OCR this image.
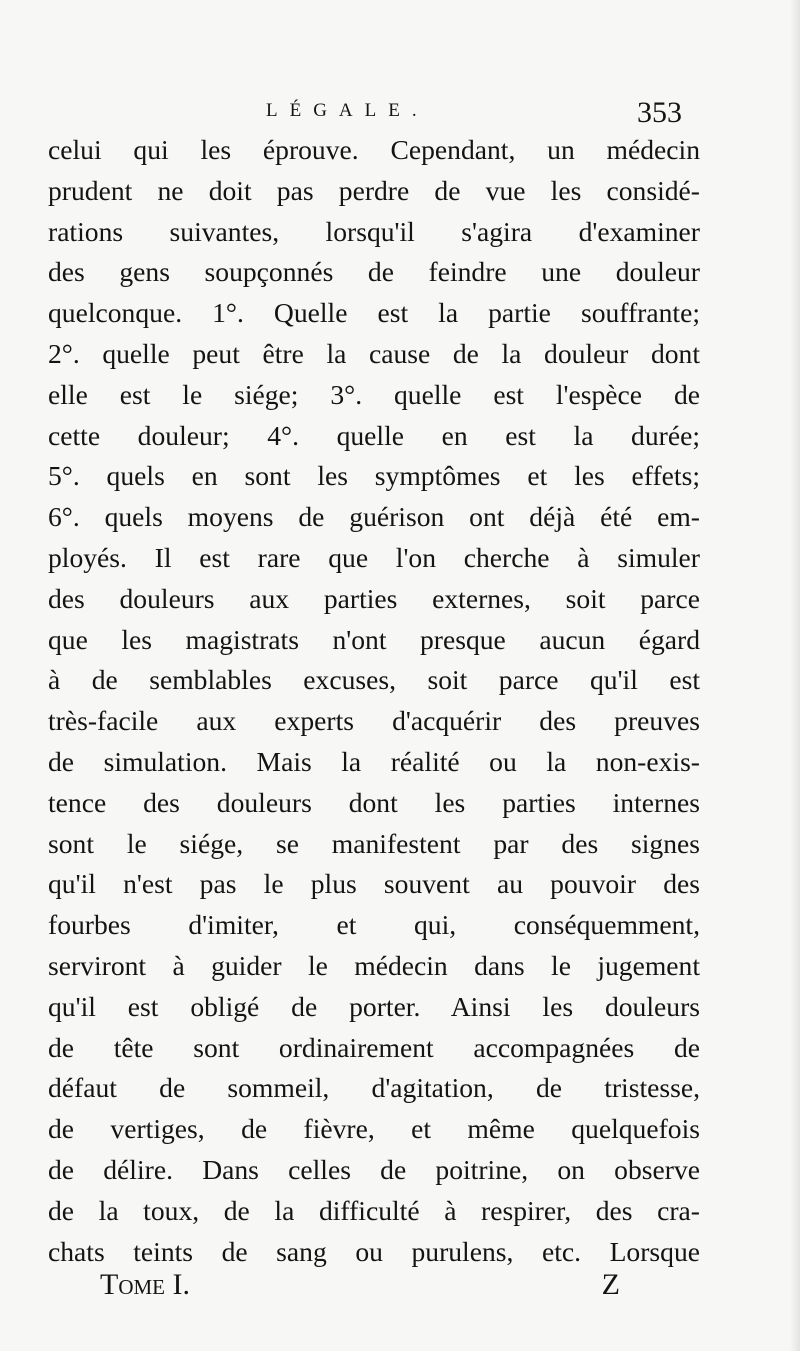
LÉGALE.	353
celui qui les éprouve. Cependant, un médecin
prudent ne doit pas perdre de vue les considé-
rations suivantes, lorsqu'il s'agira d'examiner
des gens soupçonnés de feindre une douleur
quelconque. 1°. Quelle est la partie souffrante;
2°. quelle peut être la cause de la douleur dont
elle est le siége; 3°. quelle est l'espèce de
cette douleur; 4°. quelle en est la durée;
5°. quels en sont les symptômes et les effets;
6°. quels moyens de guérison ont déjà été em-
ployés. Il est rare que l'on cherche à simuler
des douleurs aux parties externes, soit parce
que les magistrats n'ont presque aucun égard
à de semblables excuses, soit parce qu'il est
très-facile aux experts d'acquérir des preuves
de simulation. Mais la réalité ou la non-exis-
tence des douleurs dont les parties internes
sont le siége, se manifestent par des signes
qu'il n'est pas le plus souvent au pouvoir des
fourbes d'imiter, et qui, conséquemment,
serviront à guider le médecin dans le jugement
qu'il est obligé de porter. Ainsi les douleurs
de tête sont ordinairement accompagnées de
défaut de sommeil, d'agitation, de tristesse,
de vertiges, de fièvre, et même quelquefois
de délire. Dans celles de poitrine, on observe
de la toux, de la difficulté à respirer, des cra-
chats teints de sang ou purulens, etc. Lorsque
Tome I.	Z
